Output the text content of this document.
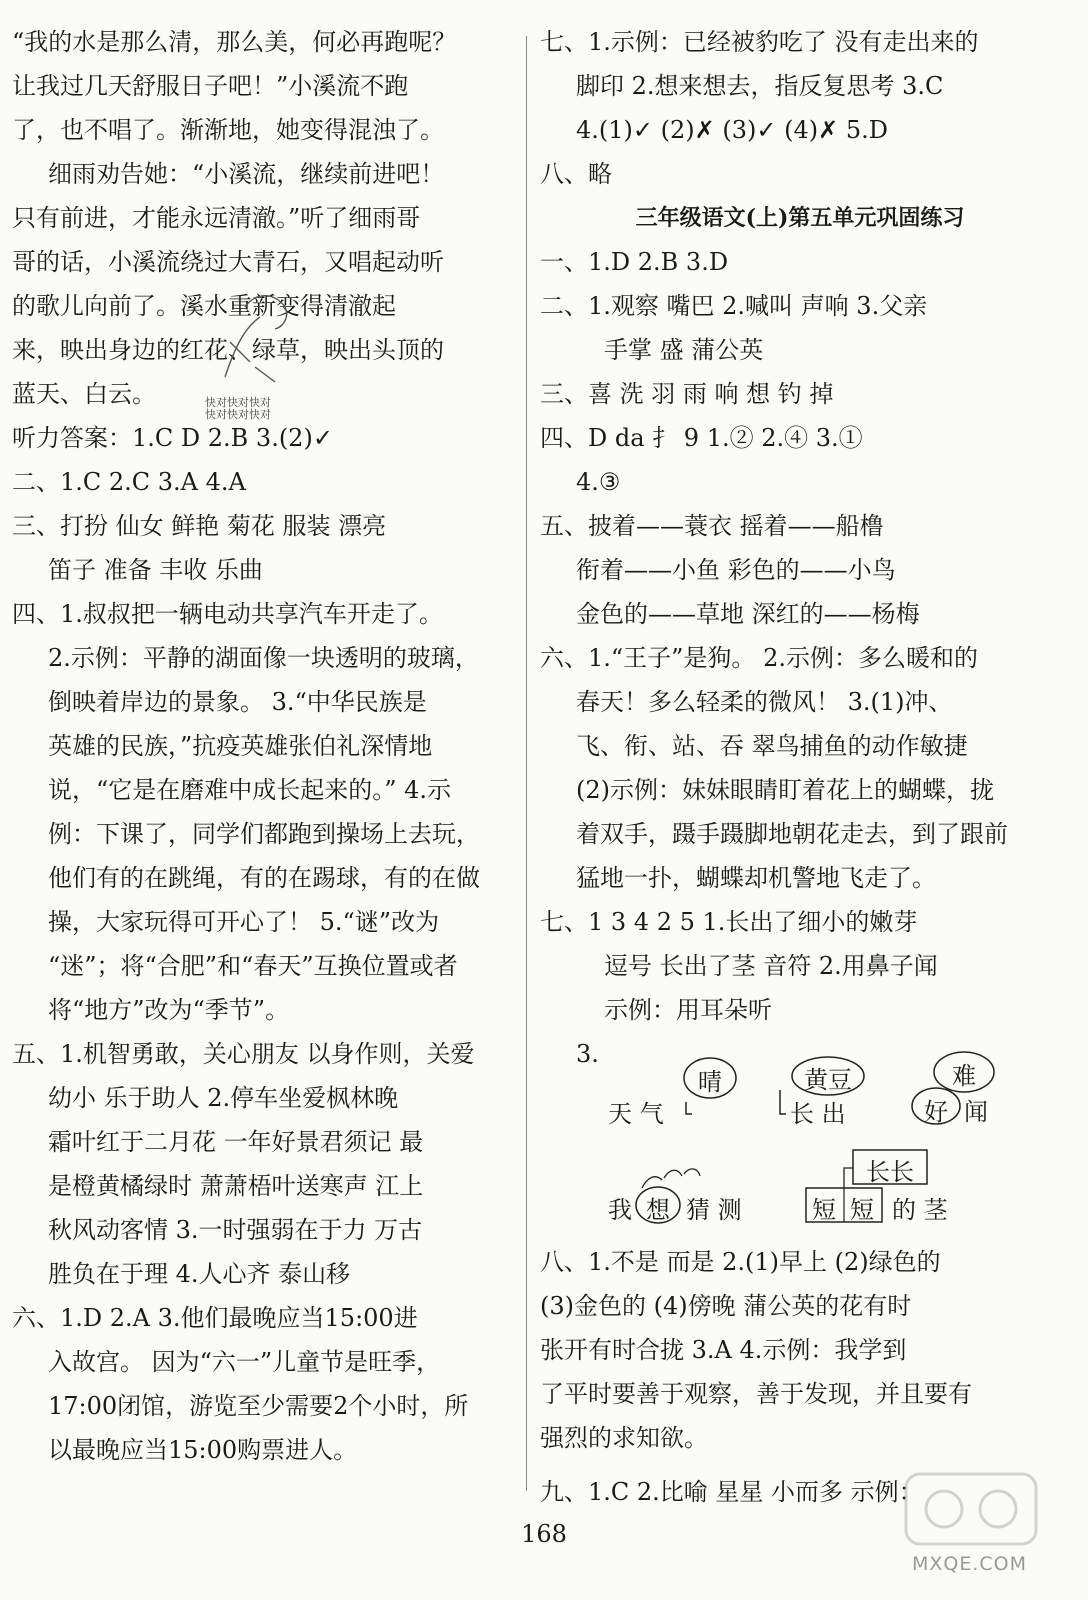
“我的水是那么清，那么美，何必再跑呢？
让我过几天舒服日子吧！”小溪流不跑
了，也不唱了。渐渐地，她变得混浊了。
细雨劝告她：“小溪流，继续前进吧！
只有前进，才能永远清澈。”听了细雨哥
哥的话，小溪流绕过大青石，又唱起动听
的歌儿向前了。溪水重新变得清澈起
来，映出身边的红花、绿草，映出头顶的
蓝天、白云。
听力答案：1.C D 2.B 3.(2)✓
二、1.C 2.C 3.A 4.A
三、打扮 仙女 鲜艳 菊花 服装 漂亮
笛子 准备 丰收 乐曲
四、1.叔叔把一辆电动共享汽车开走了。
2.示例：平静的湖面像一块透明的玻璃，
倒映着岸边的景象。 3.“中华民族是
英雄的民族，”抗疫英雄张伯礼深情地
说，“它是在磨难中成长起来的。” 4.示
例：下课了，同学们都跑到操场上去玩，
他们有的在跳绳，有的在踢球，有的在做
操，大家玩得可开心了！ 5.“谜”改为
“迷”；将“合肥”和“春天”互换位置或者
将“地方”改为“季节”。
五、1.机智勇敢，关心朋友 以身作则，关爱
幼小 乐于助人 2.停车坐爱枫林晚
霜叶红于二月花 一年好景君须记 最
是橙黄橘绿时 萧萧梧叶送寒声 江上
秋风动客情 3.一时强弱在于力 万古
胜负在于理 4.人心齐 泰山移
六、1.D 2.A 3.他们最晚应当15:00进
入故宫。 因为“六一”儿童节是旺季，
17:00闭馆，游览至少需要2个小时，所
以最晚应当15:00购票进人。
快对快对快对
快对快对快对
七、1.示例：已经被豹吃了 没有走出来的
脚印 2.想来想去，指反复思考 3.C
4.(1)✓ (2)✗ (3)✓ (4)✗ 5.D
八、略
三年级语文(上)第五单元巩固练习
一、1.D 2.B 3.D
二、1.观察 嘴巴 2.喊叫 声响 3.父亲
手掌 盛 蒲公英
三、喜 洗 羽 雨 响 想 钓 掉
四、D da 扌 9 1.② 2.④ 3.①
4.③
五、披着——蓑衣 摇着——船橹
衔着——小鱼 彩色的——小鸟
金色的——草地 深红的——杨梅
六、1.“王子”是狗。 2.示例：多么暖和的
春天！多么轻柔的微风！ 3.(1)冲、
飞、衔、站、吞 翠鸟捕鱼的动作敏捷
(2)示例：妹妹眼睛盯着花上的蝴蝶，拢
着双手，蹑手蹑脚地朝花走去，到了跟前
猛地一扑，蝴蝶却机警地飞走了。
七、1 3 4 2 5 1.长出了细小的嫩芽
逗号 长出了茎 音符 2.用鼻子闻
示例：用耳朵听
3.
天 气
晴	黄豆
长 出
难
好 闻
我 想 猜 测
长长
短 短 的 茎
八、1.不是 而是 2.(1)早上 (2)绿色的
(3)金色的 (4)傍晚 蒲公英的花有时
张开有时合拢 3.A 4.示例：我学到
了平时要善于观察，善于发现，并且要有
强烈的求知欲。
九、1.C 2.比喻 星星 小而多 示例：
168
MXQE.COM
